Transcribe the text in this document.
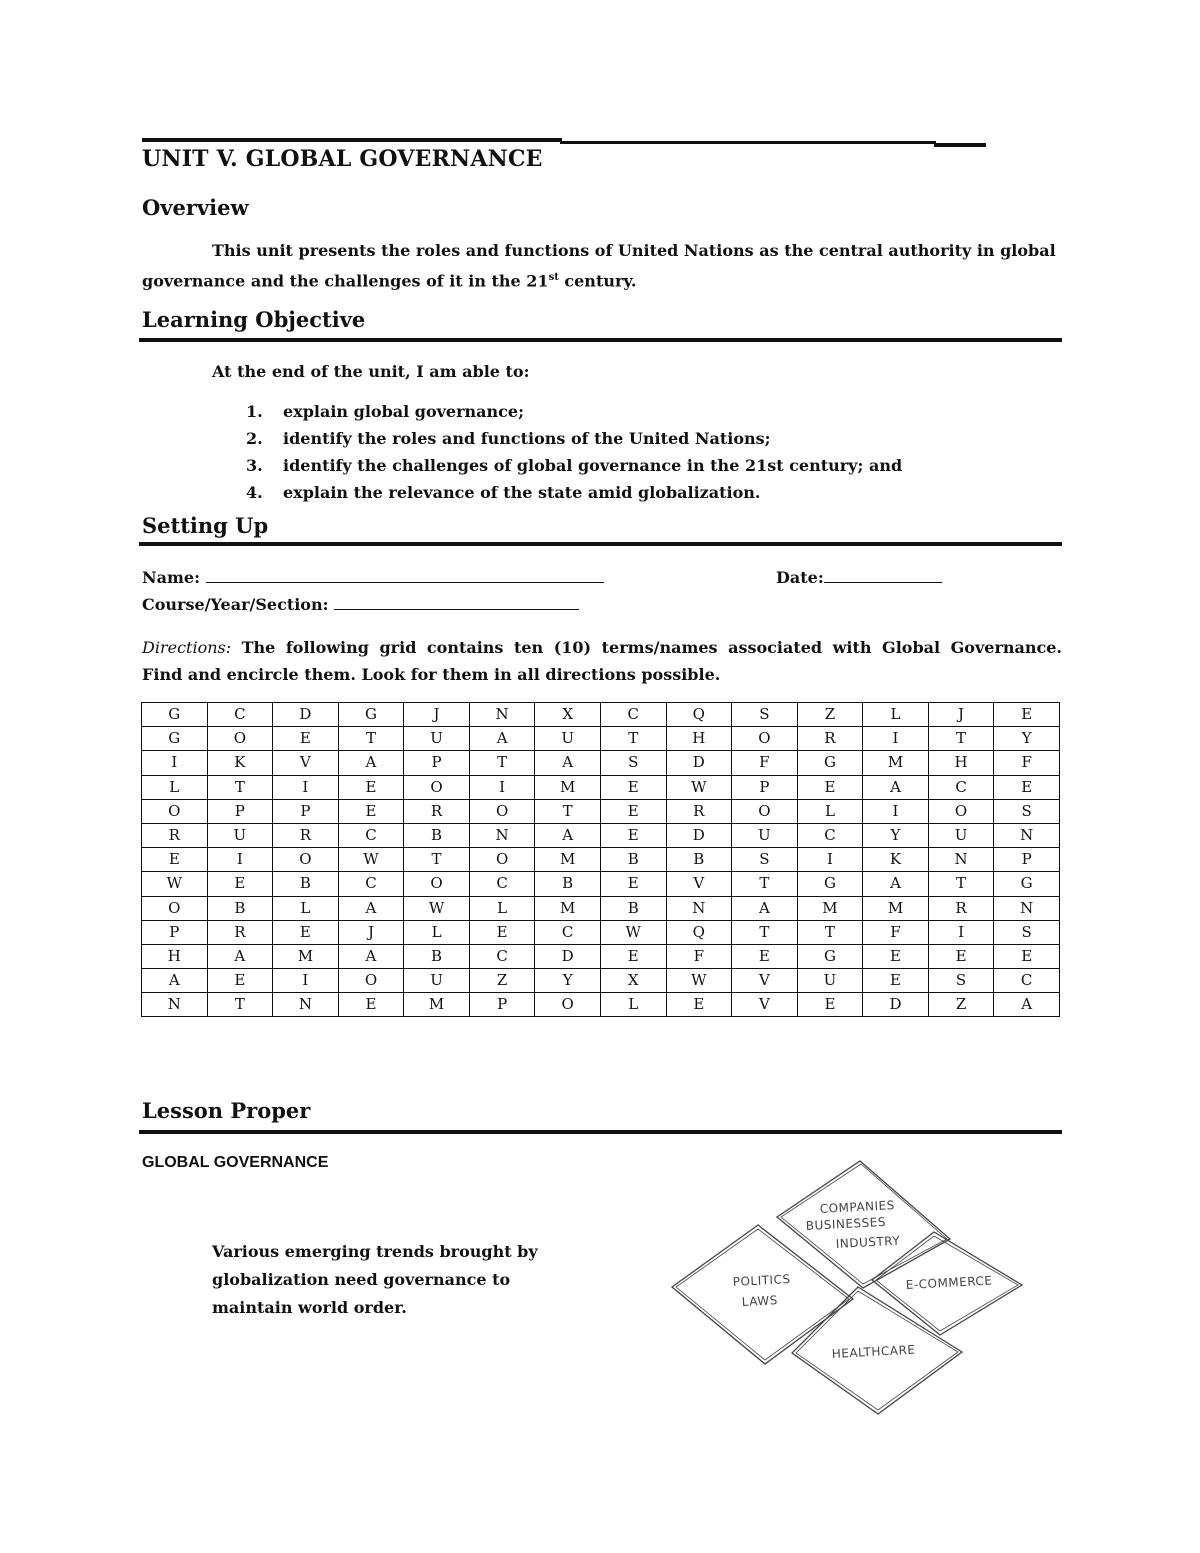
UNIT V. GLOBAL GOVERNANCE
Overview
This unit presents the roles and functions of United Nations as the central authority in global
governance and the challenges of it in the 21st century.
Learning Objective
At the end of the unit, I am able to:
1. explain global governance;
2. identify the roles and functions of the United Nations;
3. identify the challenges of global governance in the 21st century; and
4. explain the relevance of the state amid globalization.
Setting Up
Name:	Date:
Course/Year/Section:
Directions: The following grid contains ten (10) terms/names associated with Global Governance.
Find and encircle them. Look for them in all directions possible.
G	C	D	G	J	N	X	C	Q	S	Z	L	J	E
G	O	E	T	U	A	U	T	H	O	R	I	T	Y
I	K	V	A	P	T	A	S	D	F	G	M	H	F
L	T	I	E	O	I	M	E	W	P	E	A	C	E
O	P	P	E	R	O	T	E	R	O	L	I	O	S
R	U	R	C	B	N	A	E	D	U	C	Y	U	N
E	I	O	W	T	O	M	B	B	S	I	K	N	P
W	E	B	C	O	C	B	E	V	T	G	A	T	G
O	B	L	A	W	L	M	B	N	A	M	M	R	N
P	R	E	J	L	E	C	W	Q	T	T	F	I	S
H	A	M	A	B	C	D	E	F	E	G	E	E	E
A	E	I	O	U	Z	Y	X	W	V	U	E	S	C
N	T	N	E	M	P	O	L	E	V	E	D	Z	A
Lesson Proper
GLOBAL GOVERNANCE
Various emerging trends brought by
globalization need governance to
maintain world order.
COMPANIES
BUSINESSES
INDUSTRY
POLITICS
LAWS
E-COMMERCE
HEALTHCARE
